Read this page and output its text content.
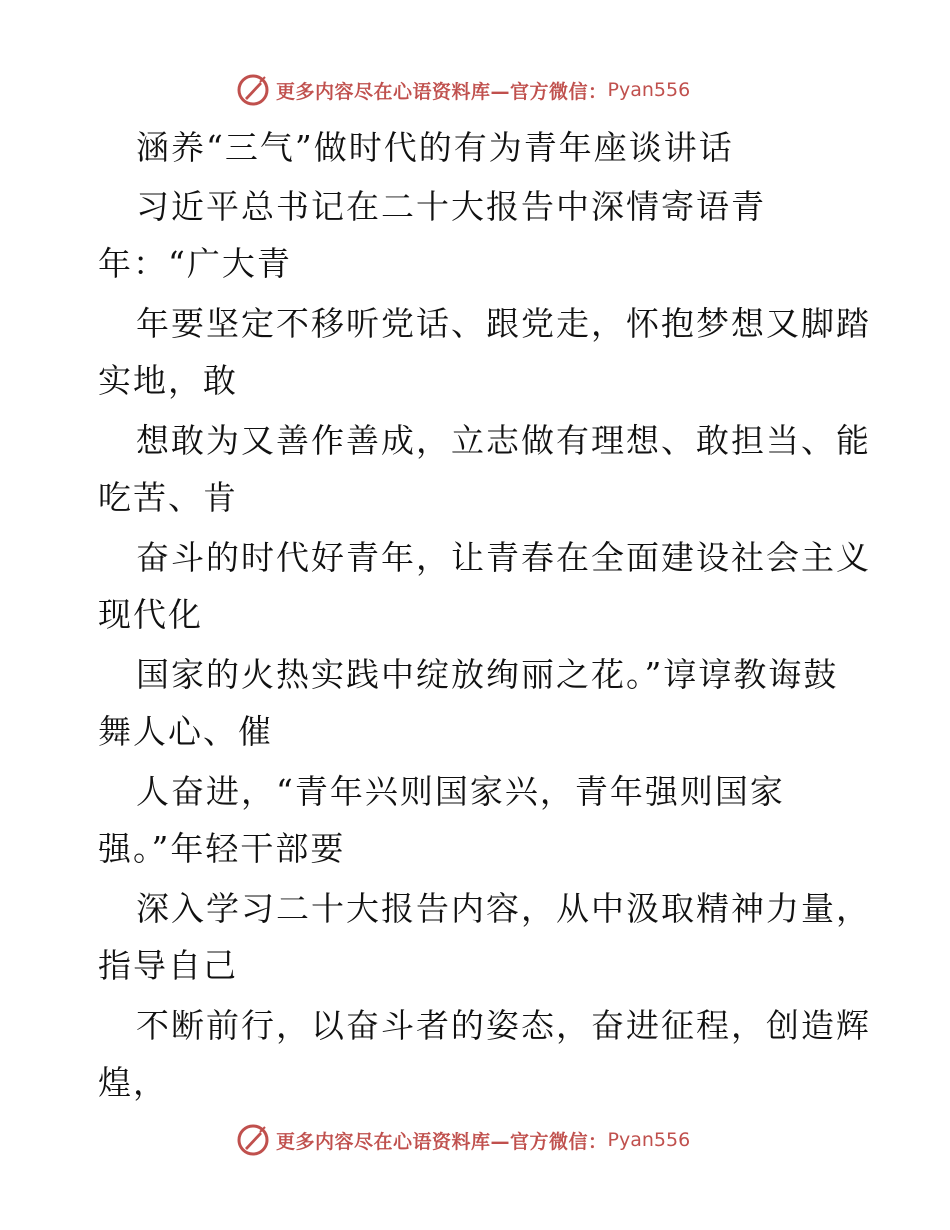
更多内容尽在心语资料库—官方微信： Pyan556
涵养“三气”做时代的有为青年座谈讲话
习近平总书记在二十大报告中深情寄语青
年：“广大青
年要坚定不移听党话、跟党走，怀抱梦想又脚踏
实地，敢
想敢为又善作善成，立志做有理想、敢担当、能
吃苦、肯
奋斗的时代好青年，让青春在全面建设社会主义
现代化
国家的火热实践中绽放绚丽之花。”谆谆教诲鼓
舞人心、催
人奋进，“青年兴则国家兴，青年强则国家
强。”年轻干部要
深入学习二十大报告内容，从中汲取精神力量，
指导自己
不断前行，以奋斗者的姿态，奋进征程，创造辉
煌，
更多内容尽在心语资料库—官方微信： Pyan556
